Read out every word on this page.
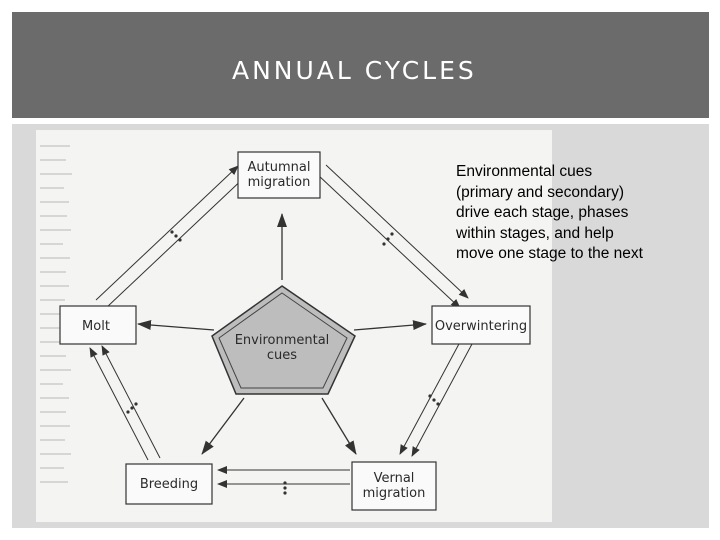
ANNUAL CYCLES
Environmental
cues
Autumnal
migration
Overwintering
Vernal
migration
Breeding
Molt
Environmental cues
(primary and secondary)
drive each stage, phases
within stages, and help
move one stage to the next
